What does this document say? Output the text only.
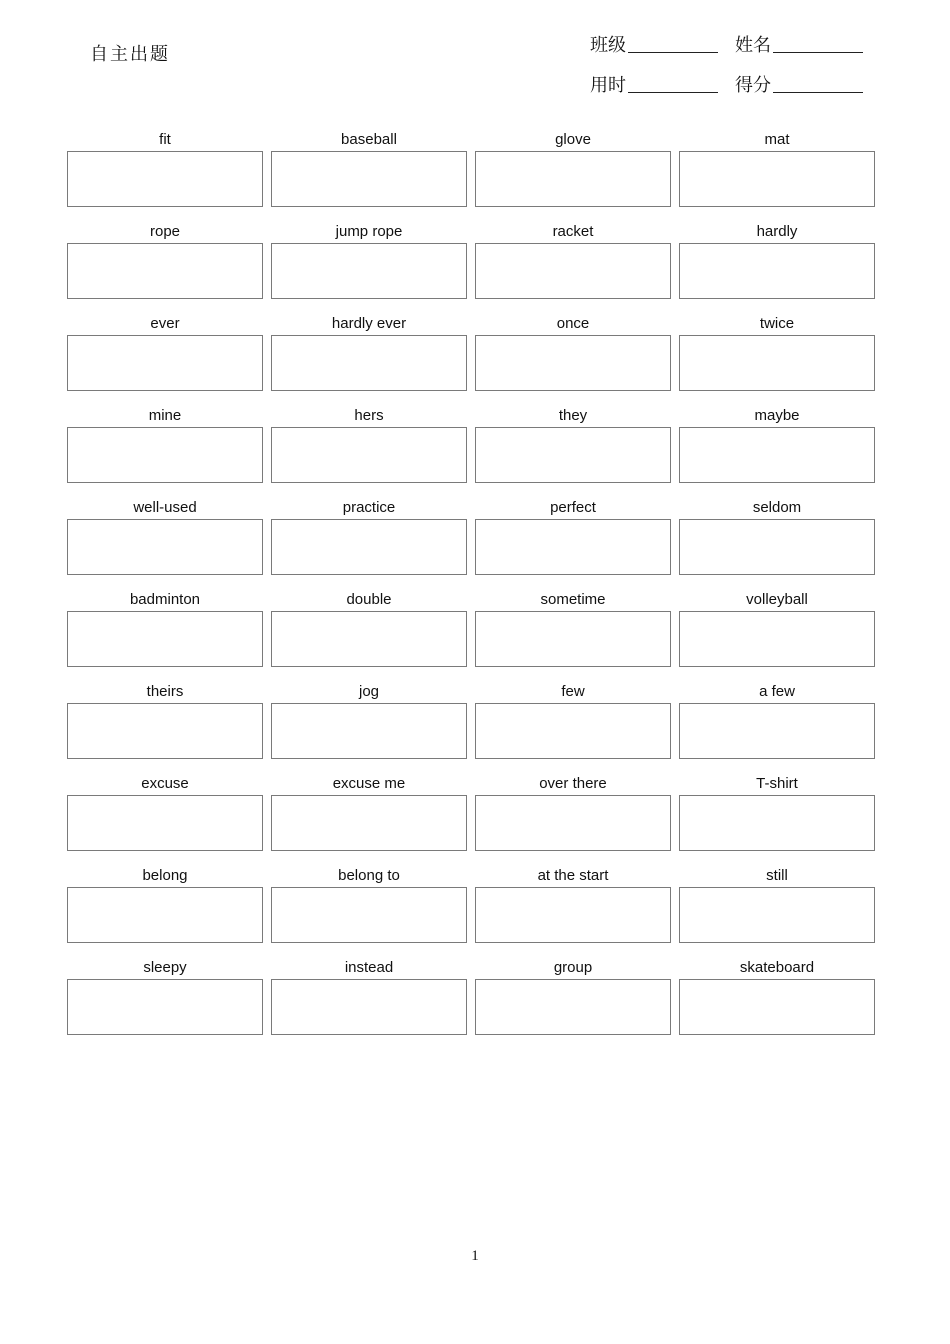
自主出题	班级	姓名
用时	得分
fit	baseball	glove	mat
rope	jump rope	racket	hardly
ever	hardly ever	once	twice
mine	hers	they	maybe
well-used	practice	perfect	seldom
badminton	double	sometime	volleyball
theirs	jog	few	a few
excuse	excuse me	over there	T-shirt
belong	belong to	at the start	still
sleepy	instead	group	skateboard
1
